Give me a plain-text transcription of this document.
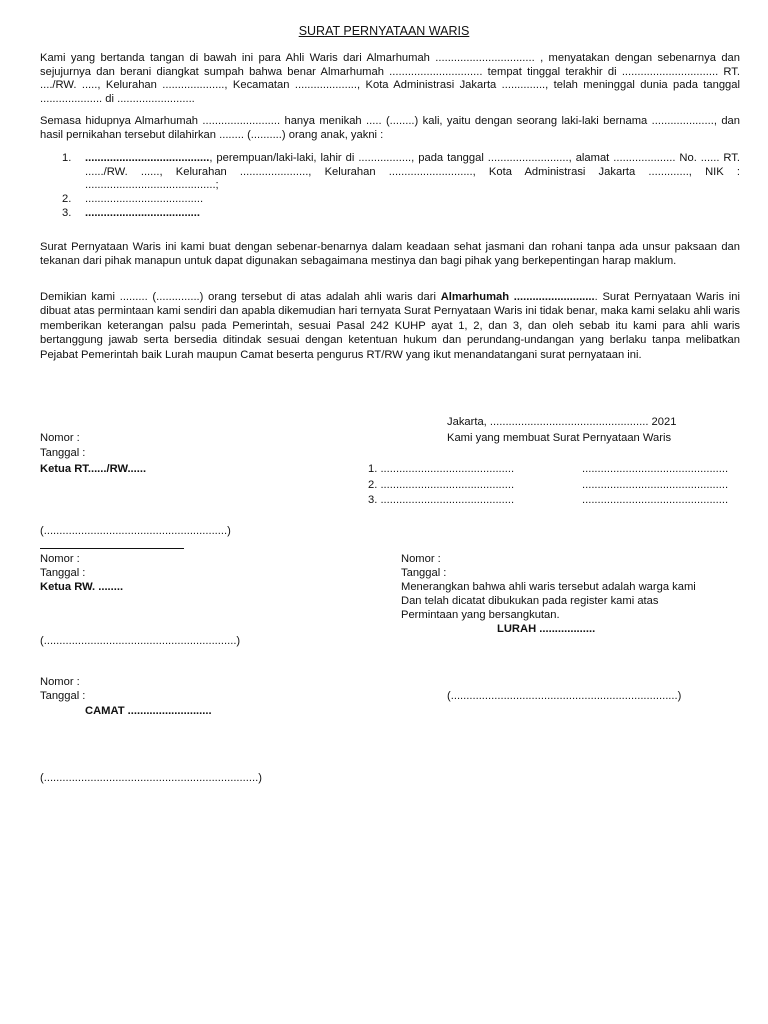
SURAT PERNYATAAN WARIS
Kami yang bertanda tangan di bawah ini para Ahli Waris dari Almarhumah ................................ , menyatakan dengan sebenarnya dan sejujurnya dan berani diangkat sumpah bahwa benar Almarhumah .............................. tempat tinggal terakhir di ............................... RT. ..../RW. ....., Kelurahan ...................., Kecamatan ...................., Kota Administrasi Jakarta .............., telah meninggal dunia pada tanggal .................... di .........................
Semasa hidupnya Almarhumah ......................... hanya menikah ..... (........) kali, yaitu dengan seorang laki-laki bernama ...................., dan hasil pernikahan tersebut dilahirkan ........ (..........) orang anak, yakni :
1. ........................................, perempuan/laki-laki, lahir di ................., pada tanggal .........................., alamat .................... No. ...... RT. ....../RW. ......, Kelurahan ......................, Kelurahan ..........................., Kota Administrasi Jakarta ............., NIK : ..........................................;
2. ......................................
3. .....................................
Surat Pernyataan Waris ini kami buat dengan sebenar-benarnya dalam keadaan sehat jasmani dan rohani tanpa ada unsur paksaan dan tekanan dari pihak manapun untuk dapat digunakan sebagaimana mestinya dan bagi pihak yang berkepentingan harap maklum.
Demikian kami ......... (..............) orang tersebut di atas adalah ahli waris dari Almarhumah ........................... Surat Pernyataan Waris ini dibuat atas permintaan kami sendiri dan apabla dikemudian hari ternyata Surat Pernyataan Waris ini tidak benar, maka kami selaku ahli waris memberikan keterangan palsu pada Pemerintah, sesuai Pasal 242 KUHP ayat 1, 2, dan 3, dan oleh sebab itu kami para ahli waris bertanggung jawab serta bersedia ditindak sesuai dengan ketentuan hukum dan perundang-undangan yang berlaku tanpa melibatkan Pejabat Pemerintah baik Lurah maupun Camat beserta pengurus RT/RW yang ikut menandatangani surat pernyataan ini.
Jakarta, ................................................... 2021
Kami yang membuat Surat Pernyataan Waris
Nomor :
Tanggal :
Ketua RT....../RW......	1. ...........................................	...............................................
2. ...........................................	...............................................
3. ...........................................	...............................................
(...........................................................)
Nomor :
Tanggal :
Ketua RW. ........
Nomor :
Tanggal :
Menerangkan bahwa ahli waris tersebut adalah warga kami
Dan telah dicatat dibukukan pada register kami atas
Permintaan yang bersangkutan.
LURAH ..................
(..............................................................)
Nomor :
Tanggal :	(.........................................................................)
CAMAT ...........................
(.....................................................................)
